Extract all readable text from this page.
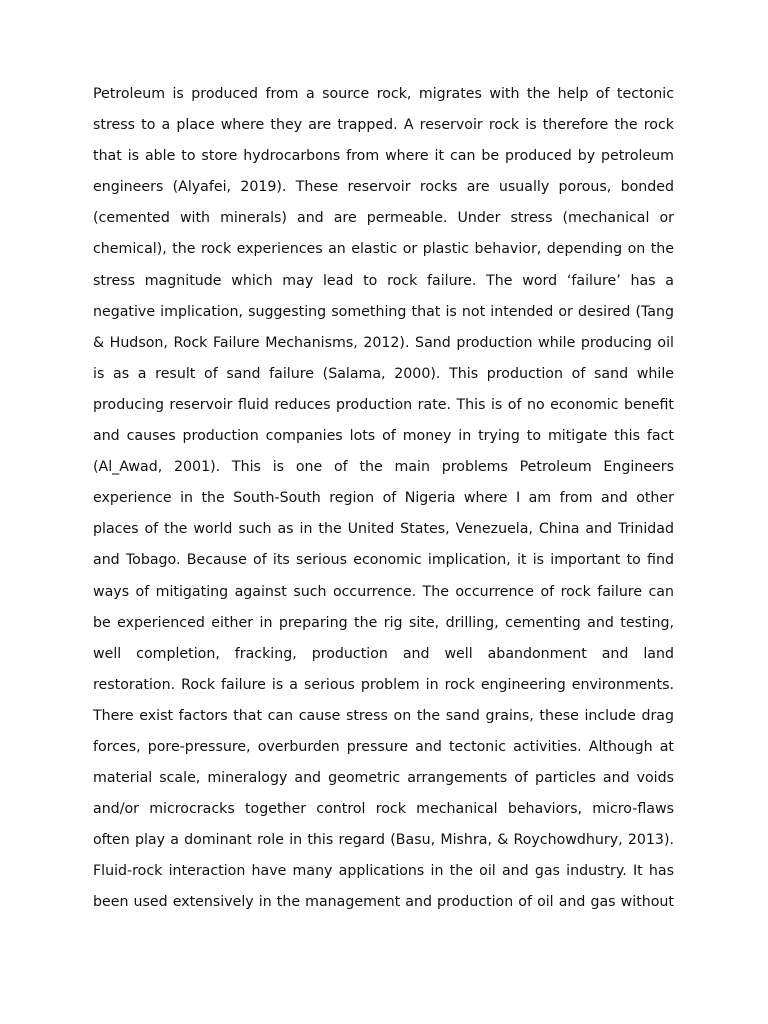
Petroleum is produced from a source rock, migrates with the help of tectonic
stress to a place where they are trapped. A reservoir rock is therefore the rock
that is able to store hydrocarbons from where it can be produced by petroleum
engineers (Alyafei, 2019). These reservoir rocks are usually porous, bonded
(cemented with minerals) and are permeable. Under stress (mechanical or
chemical), the rock experiences an elastic or plastic behavior, depending on the
stress magnitude which may lead to rock failure. The word ‘failure’ has a
negative implication, suggesting something that is not intended or desired (Tang
& Hudson, Rock Failure Mechanisms, 2012). Sand production while producing oil
is as a result of sand failure (Salama, 2000). This production of sand while
producing reservoir fluid reduces production rate. This is of no economic benefit
and causes production companies lots of money in trying to mitigate this fact
(Al_Awad, 2001). This is one of the main problems Petroleum Engineers
experience in the South-South region of Nigeria where I am from and other
places of the world such as in the United States, Venezuela, China and Trinidad
and Tobago. Because of its serious economic implication, it is important to find
ways of mitigating against such occurrence. The occurrence of rock failure can
be experienced either in preparing the rig site, drilling, cementing and testing,
well completion, fracking, production and well abandonment and land
restoration. Rock failure is a serious problem in rock engineering environments.
There exist factors that can cause stress on the sand grains, these include drag
forces, pore-pressure, overburden pressure and tectonic activities. Although at
material scale, mineralogy and geometric arrangements of particles and voids
and/or microcracks together control rock mechanical behaviors, micro-flaws
often play a dominant role in this regard (Basu, Mishra, & Roychowdhury, 2013).
Fluid-rock interaction have many applications in the oil and gas industry. It has
been used extensively in the management and production of oil and gas without
